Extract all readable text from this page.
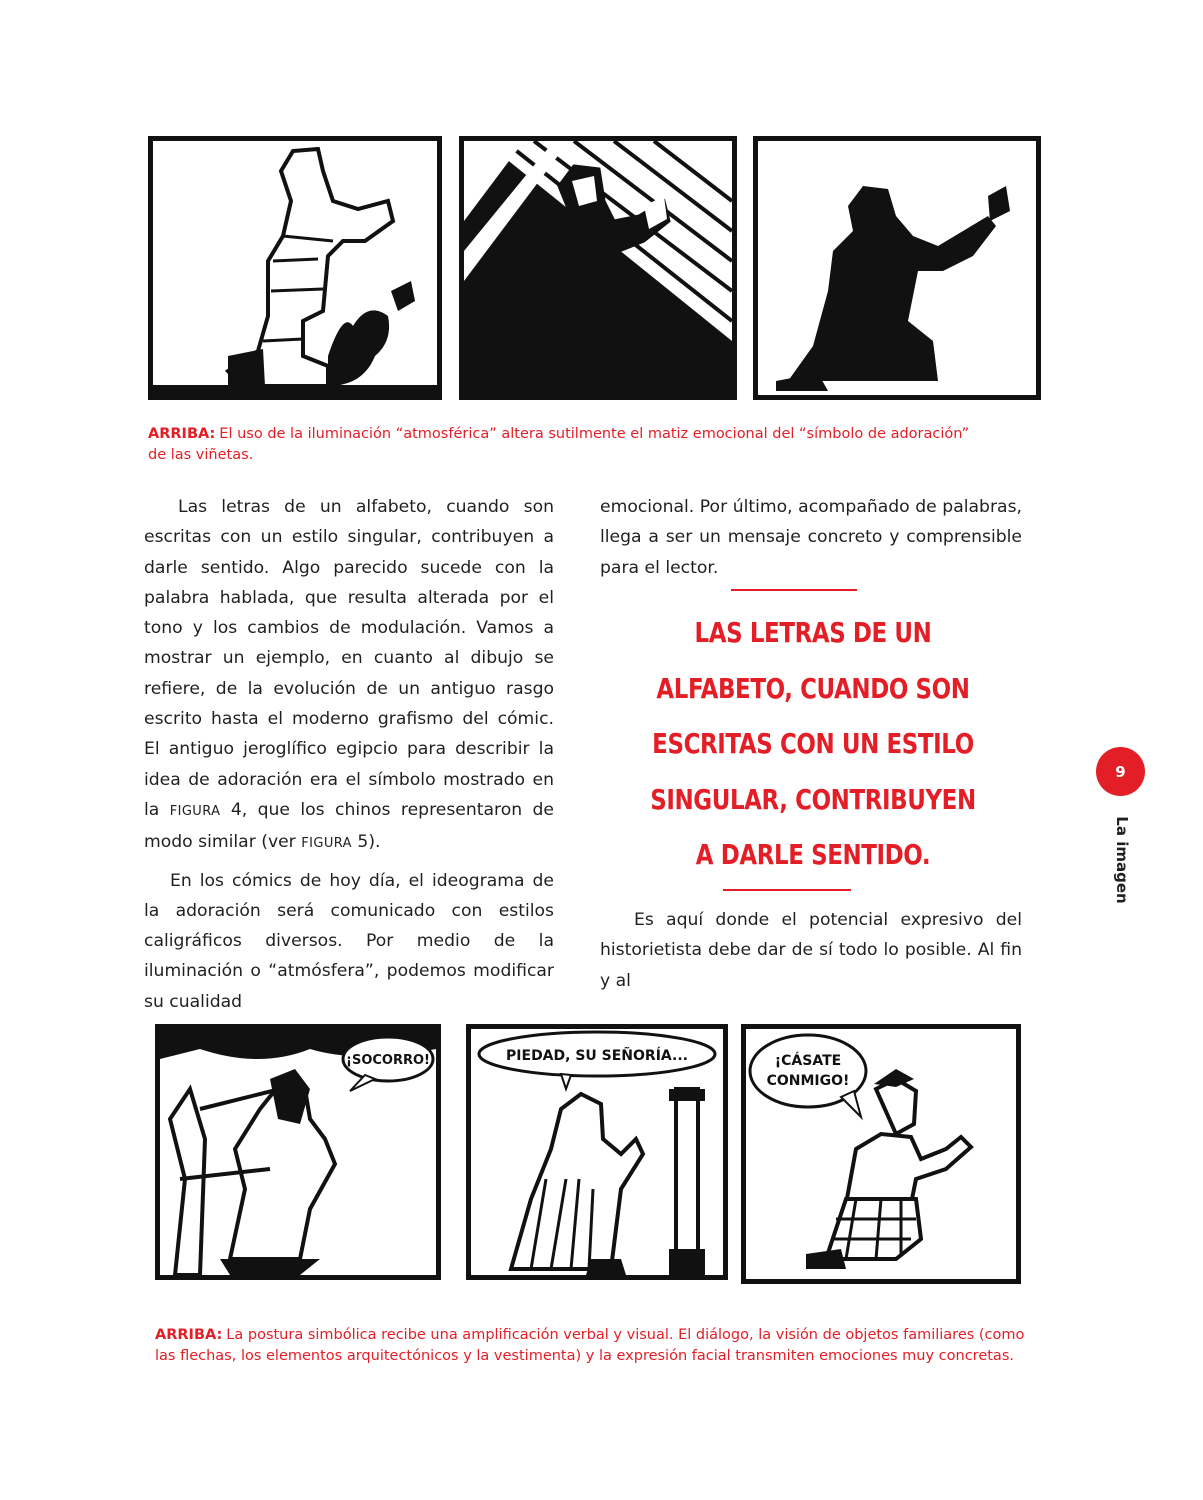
ARRIBA: El uso de la iluminación “atmosférica” altera sutilmente el matiz emocional del “símbolo de adoración”
de las viñetas.

Las letras de un alfabeto, cuando son escritas con un estilo singular, contribuyen a darle sentido. Algo parecido sucede con la palabra hablada, que resulta alterada por el tono y los cambios de modulación. Vamos a mostrar un ejemplo, en cuanto al dibujo se refiere, de la evolución de un antiguo rasgo escrito hasta el moderno grafismo del cómic. El antiguo jeroglífico egipcio para describir la idea de adoración era el símbolo mostrado en la FIGURA 4, que los chinos representaron de modo similar (ver FIGURA 5).

En los cómics de hoy día, el ideograma de la adoración será comunicado con estilos caligráficos diversos. Por medio de la iluminación o “atmósfera”, podemos modificar su cualidad

emocional. Por último, acompañado de palabras, llega a ser un mensaje concreto y comprensible para el lector.

LAS LETRAS DE UN
ALFABETO, CUANDO SON
ESCRITAS CON UN ESTILO
SINGULAR, CONTRIBUYEN
A DARLE SENTIDO.

Es aquí donde el potencial expresivo del historietista debe dar de sí todo lo posible. Al fin y al

9
La imagen
¡SOCORRO!	PIEDAD, SU SEÑORÍA...	¡CÁSATE
CONMIGO!
ARRIBA: La postura simbólica recibe una amplificación verbal y visual. El diálogo, la visión de objetos familiares (como
las flechas, los elementos arquitectónicos y la vestimenta) y la expresión facial transmiten emociones muy concretas.
